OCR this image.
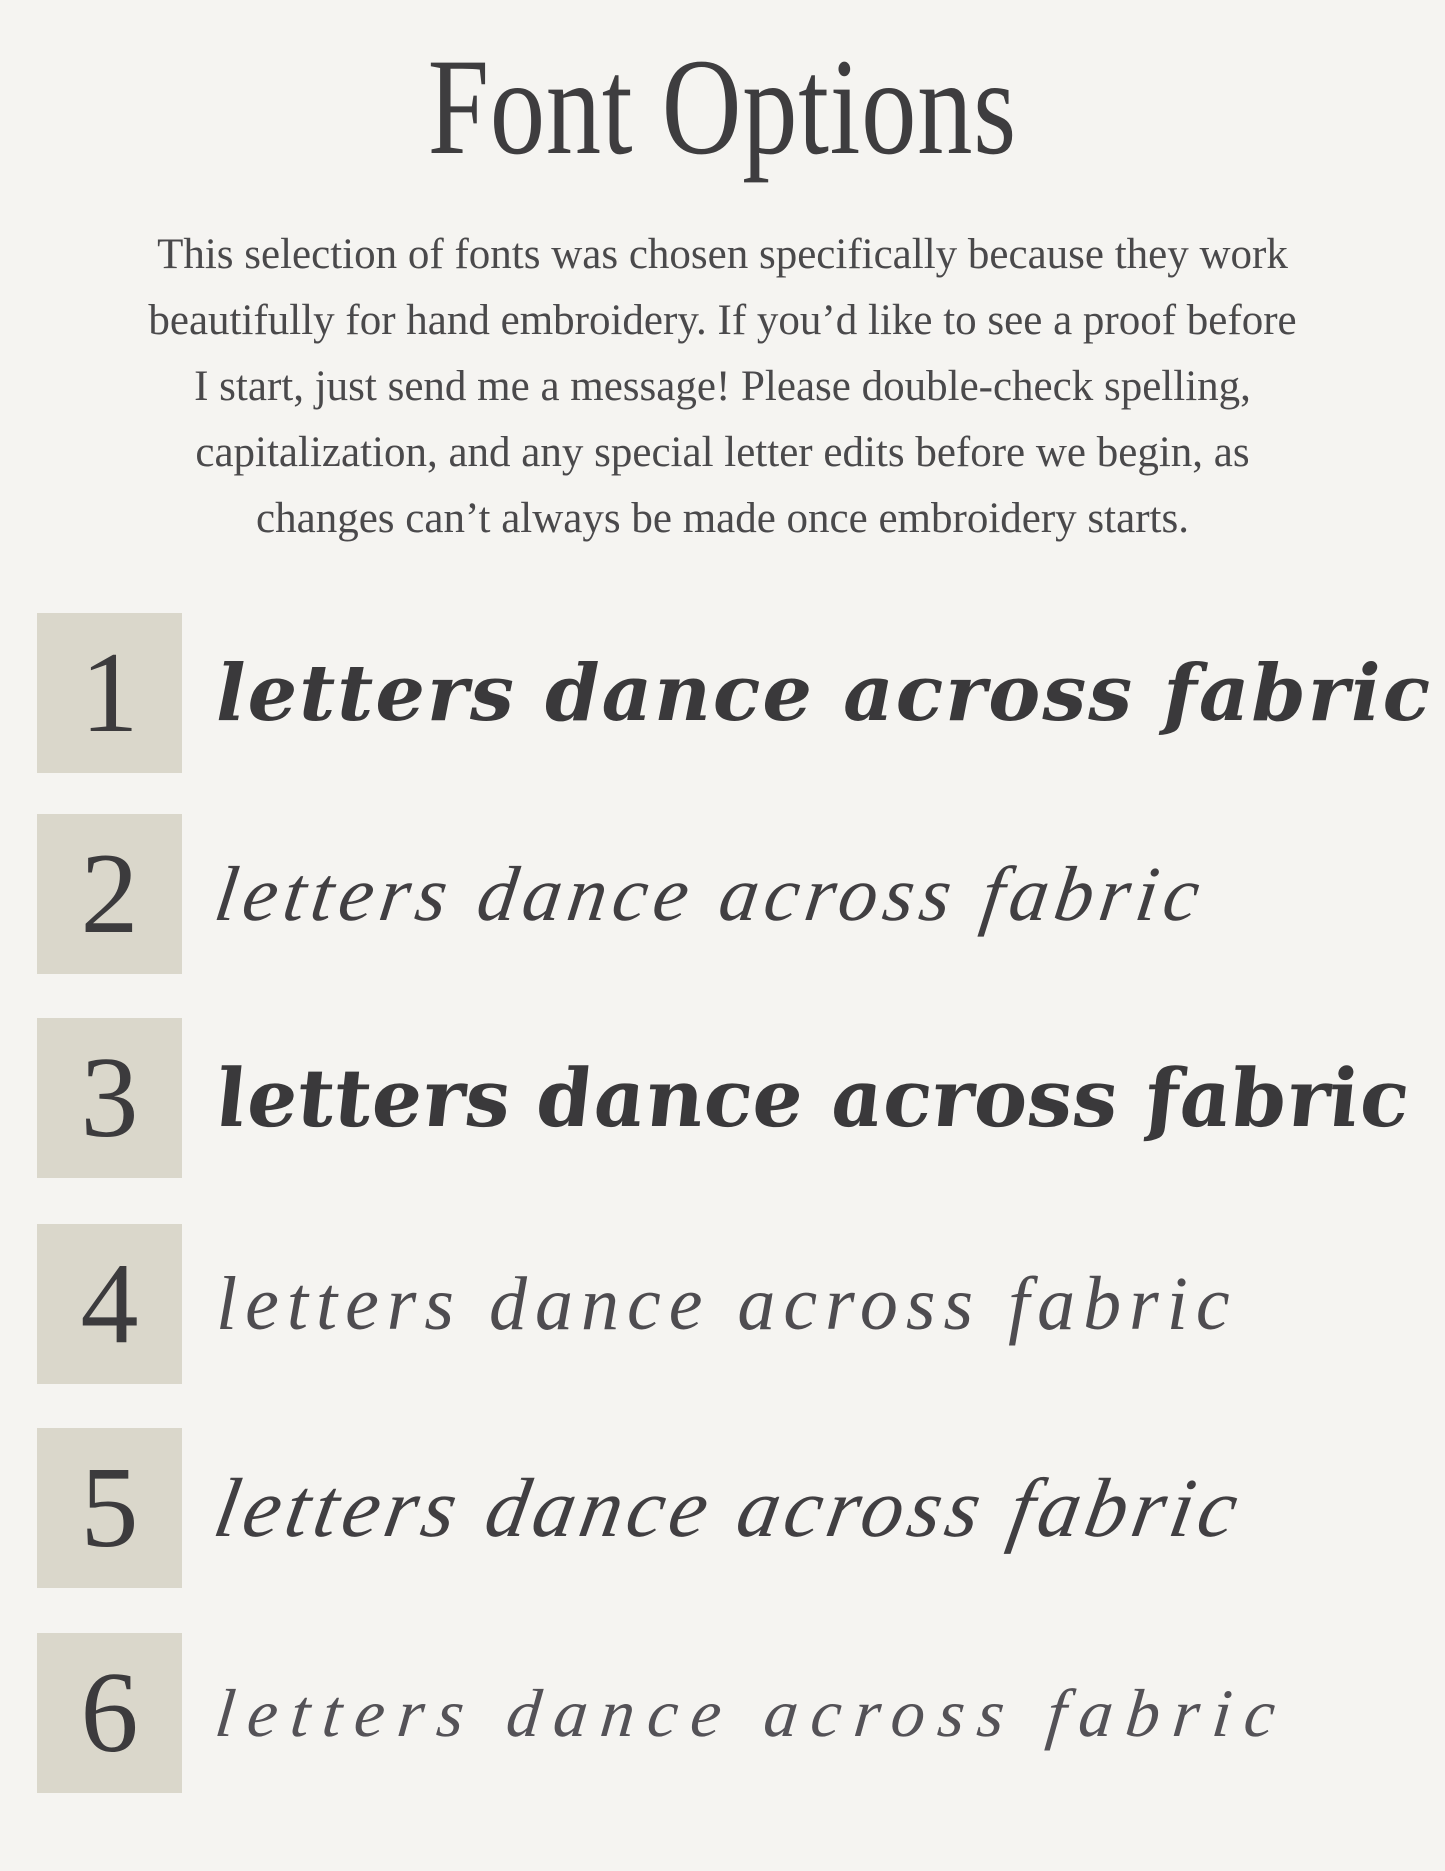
Font Options
This selection of fonts was chosen specifically because they work
beautifully for hand embroidery. If you’d like to see a proof before
I start, just send me a message! Please double-check spelling,
capitalization, and any special letter edits before we begin, as
changes can’t always be made once embroidery starts.
1 letters dance across fabric
2 letters dance across fabric
3 letters dance across fabric
4 letters dance across fabric
5 letters dance across fabric
6 letters dance across fabric
